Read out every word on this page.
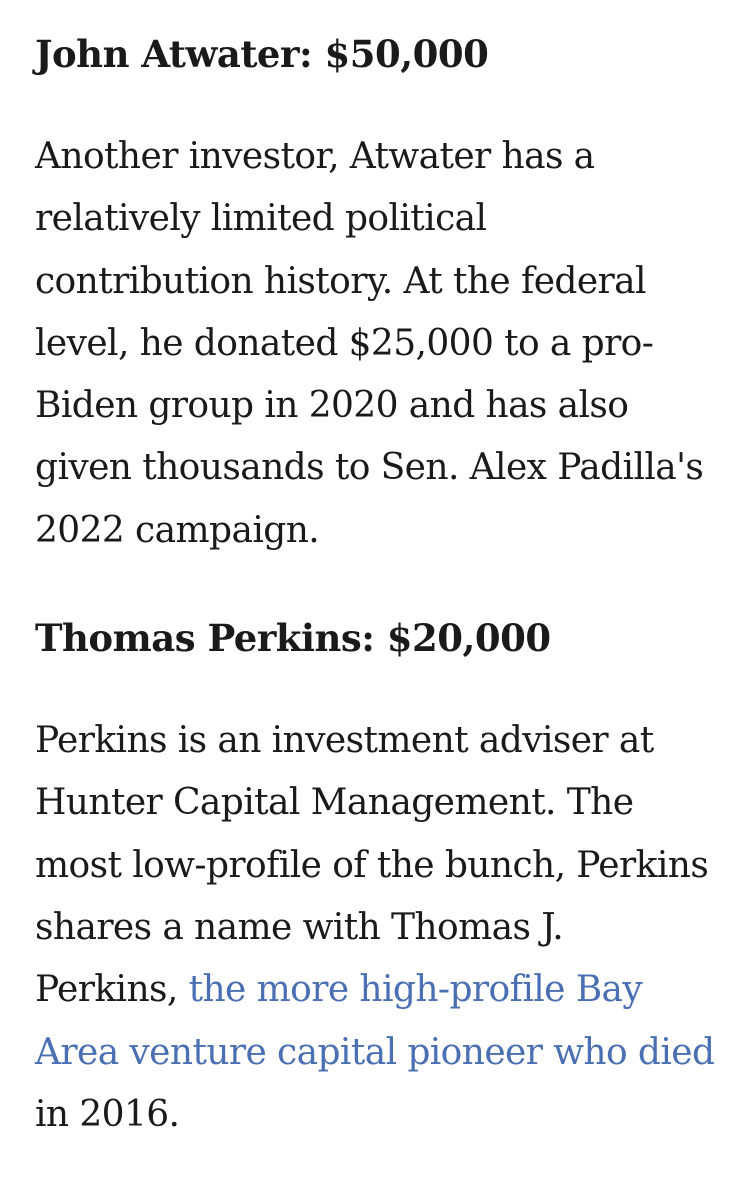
John Atwater: $50,000

Another investor, Atwater has a relatively limited political contribution history. At the federal level, he donated $25,000 to a pro-Biden group in 2020 and has also given thousands to Sen. Alex Padilla's 2022 campaign.

Thomas Perkins: $20,000

Perkins is an investment adviser at Hunter Capital Management. The most low-profile of the bunch, Perkins shares a name with Thomas J. Perkins, the more high-profile Bay Area venture capital pioneer who died in 2016.
